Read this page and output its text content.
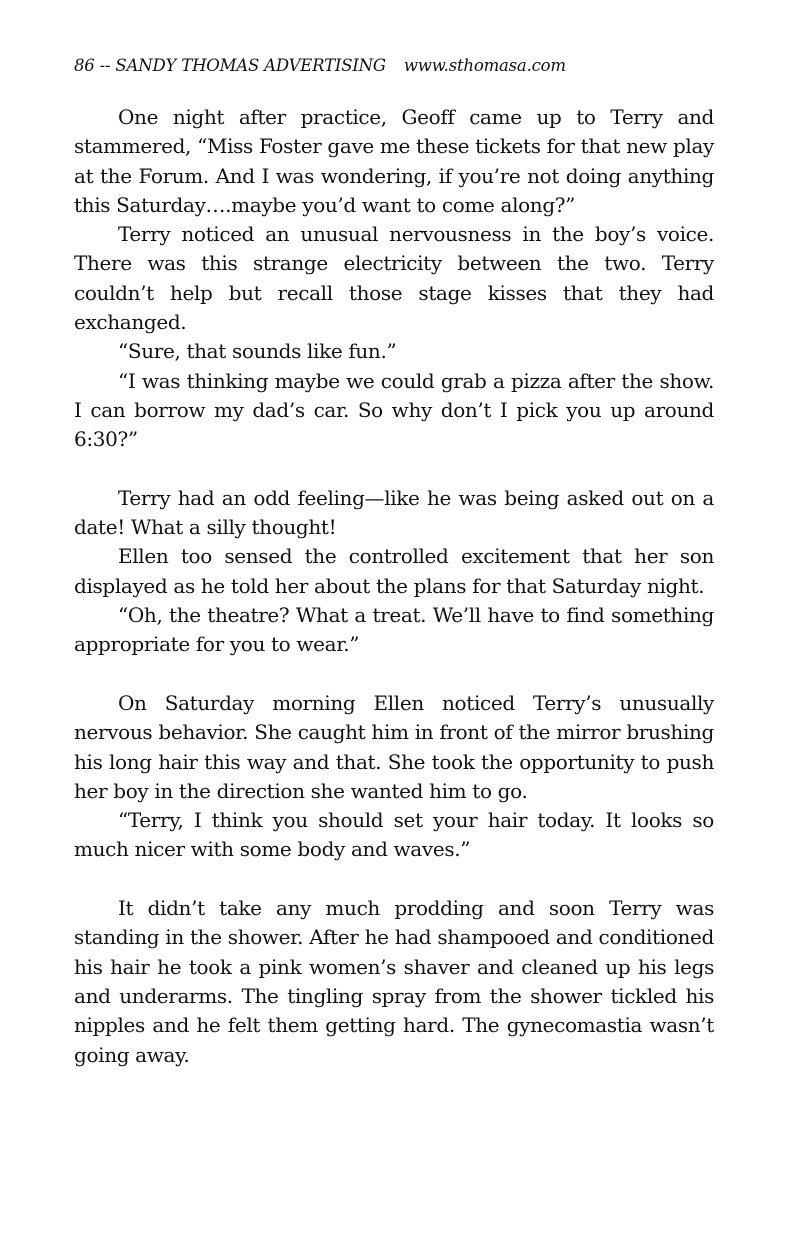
86 -- SANDY THOMAS ADVERTISING www.sthomasa.com

One night after practice, Geoff came up to Terry and stammered, “Miss Foster gave me these tickets for that new play at the Forum. And I was wondering, if you’re not doing anything this Saturday….maybe you’d want to come along?”

Terry noticed an unusual nervousness in the boy’s voice. There was this strange electricity between the two. Terry couldn’t help but recall those stage kisses that they had exchanged.

“Sure, that sounds like fun.”

“I was thinking maybe we could grab a pizza after the show. I can borrow my dad’s car. So why don’t I pick you up around 6:30?”

Terry had an odd feeling—like he was being asked out on a date! What a silly thought!

Ellen too sensed the controlled excitement that her son displayed as he told her about the plans for that Saturday night.

“Oh, the theatre? What a treat. We’ll have to find something appropriate for you to wear.”

On Saturday morning Ellen noticed Terry’s unusually nervous behavior. She caught him in front of the mirror brushing his long hair this way and that. She took the opportunity to push her boy in the direction she wanted him to go.

“Terry, I think you should set your hair today. It looks so much nicer with some body and waves.”

It didn’t take any much prodding and soon Terry was standing in the shower. After he had shampooed and conditioned his hair he took a pink women’s shaver and cleaned up his legs and underarms. The tingling spray from the shower tickled his nipples and he felt them getting hard. The gynecomastia wasn’t going away.
